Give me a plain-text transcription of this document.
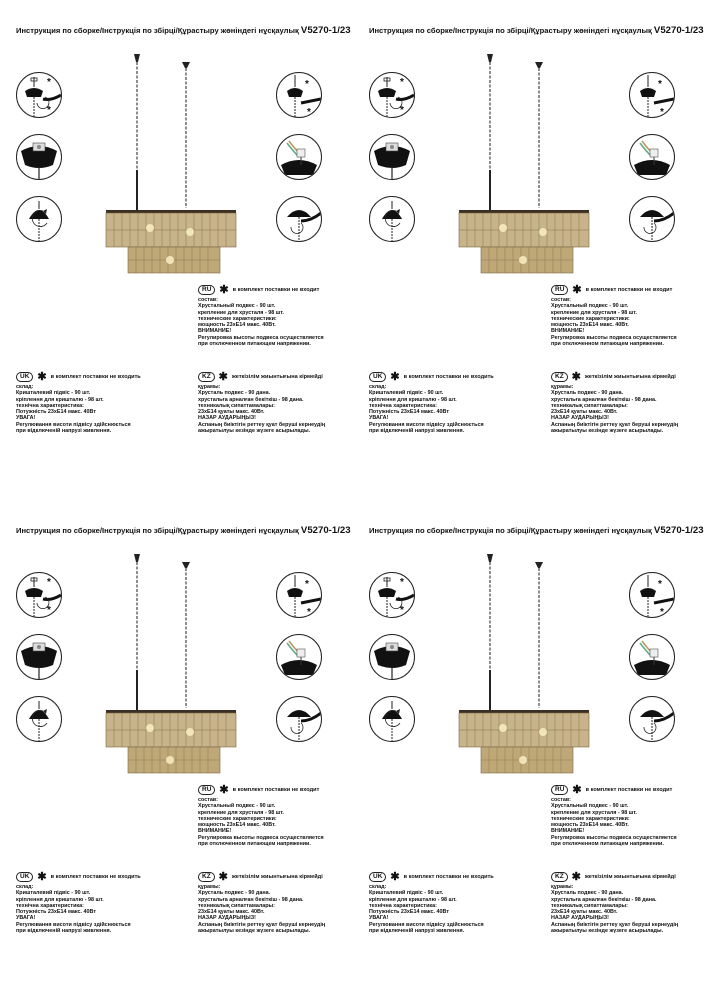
Инструкция по сборке/Інструкція по збірці/Құрастыру жөніндегі нұсқаулық V5270-1/23
*
*
*
*
RU ✱ в комплект поставки не входит
состав:
Хрустальный подвес - 90 шт.
крепление для хрусталя - 98 шт.
технические характеристики:
мощность 23хЕ14 макс. 40Вт.
ВНИМАНИЕ!
Регулировка высоты подвеса осуществляется
при отключенном питающем напряжении.
UK ✱ в комплект поставки не входить
склад:
Кришталевий підвіс - 90 шт.
кріплення для кришталю - 98 шт.
технічна характеристика:
Потужність 23хЕ14 макс. 40Вт
УВАГА!
Регулювання висоти підвісу здійснюється
при відключеній напрузі живлення.
KZ ✱ жеткізілім жиынтығына кірмейді
құрамы:
Хрусталь подвес - 90 дана.
хрустальға арналған бекіткіш - 98 дана.
техникалық сипаттамалары:
23хЕ14 қуаты макс. 40Вт.
НАЗАР АУДАРЫҢЫЗ!
Аспаның биіктігін реттеу қуат беруші кернеудің
ажыратылуы кезінде жүзеге асырылады.
Инструкция по сборке/Інструкція по збірці/Құрастыру жөніндегі нұсқаулық V5270-1/23
*
*
*
*
RU ✱ в комплект поставки не входит
состав:
Хрустальный подвес - 90 шт.
крепление для хрусталя - 98 шт.
технические характеристики:
мощность 23хЕ14 макс. 40Вт.
ВНИМАНИЕ!
Регулировка высоты подвеса осуществляется
при отключенном питающем напряжении.
UK ✱ в комплект поставки не входить
склад:
Кришталевий підвіс - 90 шт.
кріплення для кришталю - 98 шт.
технічна характеристика:
Потужність 23хЕ14 макс. 40Вт
УВАГА!
Регулювання висоти підвісу здійснюється
при відключеній напрузі живлення.
KZ ✱ жеткізілім жиынтығына кірмейді
құрамы:
Хрусталь подвес - 90 дана.
хрустальға арналған бекіткіш - 98 дана.
техникалық сипаттамалары:
23хЕ14 қуаты макс. 40Вт.
НАЗАР АУДАРЫҢЫЗ!
Аспаның биіктігін реттеу қуат беруші кернеудің
ажыратылуы кезінде жүзеге асырылады.
Инструкция по сборке/Інструкція по збірці/Құрастыру жөніндегі нұсқаулық V5270-1/23
*
*
*
*
RU ✱ в комплект поставки не входит
состав:
Хрустальный подвес - 90 шт.
крепление для хрусталя - 98 шт.
технические характеристики:
мощность 23хЕ14 макс. 40Вт.
ВНИМАНИЕ!
Регулировка высоты подвеса осуществляется
при отключенном питающем напряжении.
UK ✱ в комплект поставки не входить
склад:
Кришталевий підвіс - 90 шт.
кріплення для кришталю - 98 шт.
технічна характеристика:
Потужність 23хЕ14 макс. 40Вт
УВАГА!
Регулювання висоти підвісу здійснюється
при відключеній напрузі живлення.
KZ ✱ жеткізілім жиынтығына кірмейді
құрамы:
Хрусталь подвес - 90 дана.
хрустальға арналған бекіткіш - 98 дана.
техникалық сипаттамалары:
23хЕ14 қуаты макс. 40Вт.
НАЗАР АУДАРЫҢЫЗ!
Аспаның биіктігін реттеу қуат беруші кернеудің
ажыратылуы кезінде жүзеге асырылады.
Инструкция по сборке/Інструкція по збірці/Құрастыру жөніндегі нұсқаулық V5270-1/23
*
*
*
*
RU ✱ в комплект поставки не входит
состав:
Хрустальный подвес - 90 шт.
крепление для хрусталя - 98 шт.
технические характеристики:
мощность 23хЕ14 макс. 40Вт.
ВНИМАНИЕ!
Регулировка высоты подвеса осуществляется
при отключенном питающем напряжении.
UK ✱ в комплект поставки не входить
склад:
Кришталевий підвіс - 90 шт.
кріплення для кришталю - 98 шт.
технічна характеристика:
Потужність 23хЕ14 макс. 40Вт
УВАГА!
Регулювання висоти підвісу здійснюється
при відключеній напрузі живлення.
KZ ✱ жеткізілім жиынтығына кірмейді
құрамы:
Хрусталь подвес - 90 дана.
хрустальға арналған бекіткіш - 98 дана.
техникалық сипаттамалары:
23хЕ14 қуаты макс. 40Вт.
НАЗАР АУДАРЫҢЫЗ!
Аспаның биіктігін реттеу қуат беруші кернеудің
ажыратылуы кезінде жүзеге асырылады.
